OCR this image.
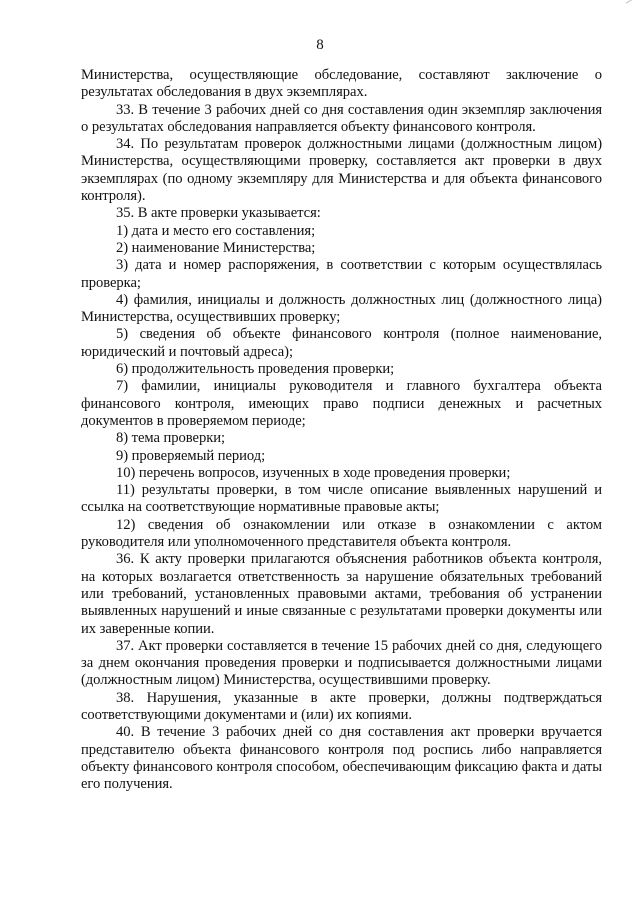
8

Министерства, осуществляющие обследование, составляют заключение о результатах обследования в двух экземплярах.

33. В течение 3 рабочих дней со дня составления один экземпляр заключения о результатах обследования направляется объекту финансового контроля.

34. По результатам проверок должностными лицами (должностным лицом) Министерства, осуществляющими проверку, составляется акт проверки в двух экземплярах (по одному экземпляру для Министерства и для объекта финансового контроля).

35. В акте проверки указывается:

1) дата и место его составления;

2) наименование Министерства;

3) дата и номер распоряжения, в соответствии с которым осуществлялась проверка;

4) фамилия, инициалы и должность должностных лиц (должностного лица) Министерства, осуществивших проверку;

5) сведения об объекте финансового контроля (полное наименование, юридический и почтовый адреса);

6) продолжительность проведения проверки;

7) фамилии, инициалы руководителя и главного бухгалтера объекта финансового контроля, имеющих право подписи денежных и расчетных документов в проверяемом периоде;

8) тема проверки;

9) проверяемый период;

10) перечень вопросов, изученных в ходе проведения проверки;

11) результаты проверки, в том числе описание выявленных нарушений и ссылка на соответствующие нормативные правовые акты;

12) сведения об ознакомлении или отказе в ознакомлении с актом руководителя или уполномоченного представителя объекта контроля.

36. К акту проверки прилагаются объяснения работников объекта контроля, на которых возлагается ответственность за нарушение обязательных требований или требований, установленных правовыми актами, требования об устранении выявленных нарушений и иные связанные с результатами проверки документы или их заверенные копии.

37. Акт проверки составляется в течение 15 рабочих дней со дня, следующего за днем окончания проведения проверки и подписывается должностными лицами (должностным лицом) Министерства, осуществившими проверку.

38. Нарушения, указанные в акте проверки, должны подтверждаться соответствующими документами и (или) их копиями.

40. В течение 3 рабочих дней со дня составления акт проверки вручается представителю объекта финансового контроля под роспись либо направляется объекту финансового контроля способом, обеспечивающим фиксацию факта и даты его получения.
